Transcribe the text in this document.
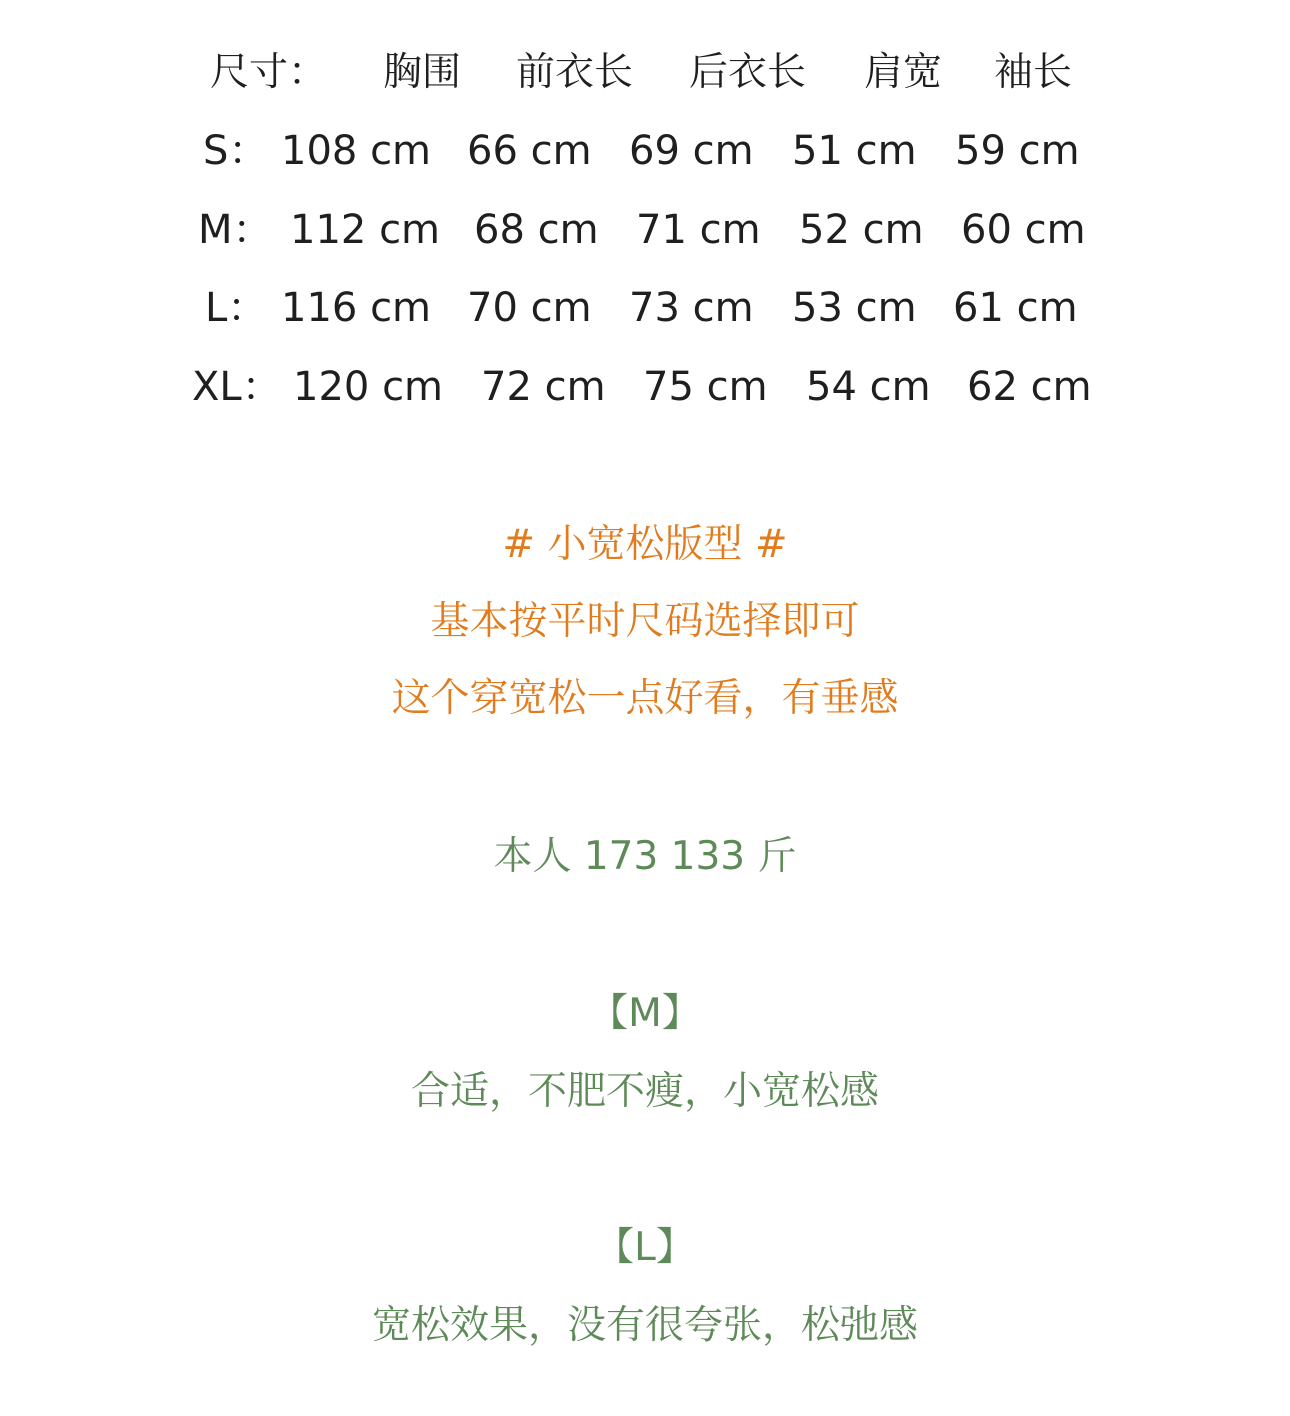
尺寸： 胸围 前衣长 后衣长 肩宽 袖长
S： 108 cm 66 cm 69 cm 51 cm 59 cm
M： 112 cm 68 cm 71 cm 52 cm 60 cm
L： 116 cm 70 cm 73 cm 53 cm 61 cm
XL： 120 cm 72 cm 75 cm 54 cm 62 cm
# 小宽松版型 #
基本按平时尺码选择即可
这个穿宽松一点好看，有垂感
本人 173 133 斤
【M】
合适，不肥不瘦，小宽松感
【L】
宽松效果，没有很夸张，松弛感
